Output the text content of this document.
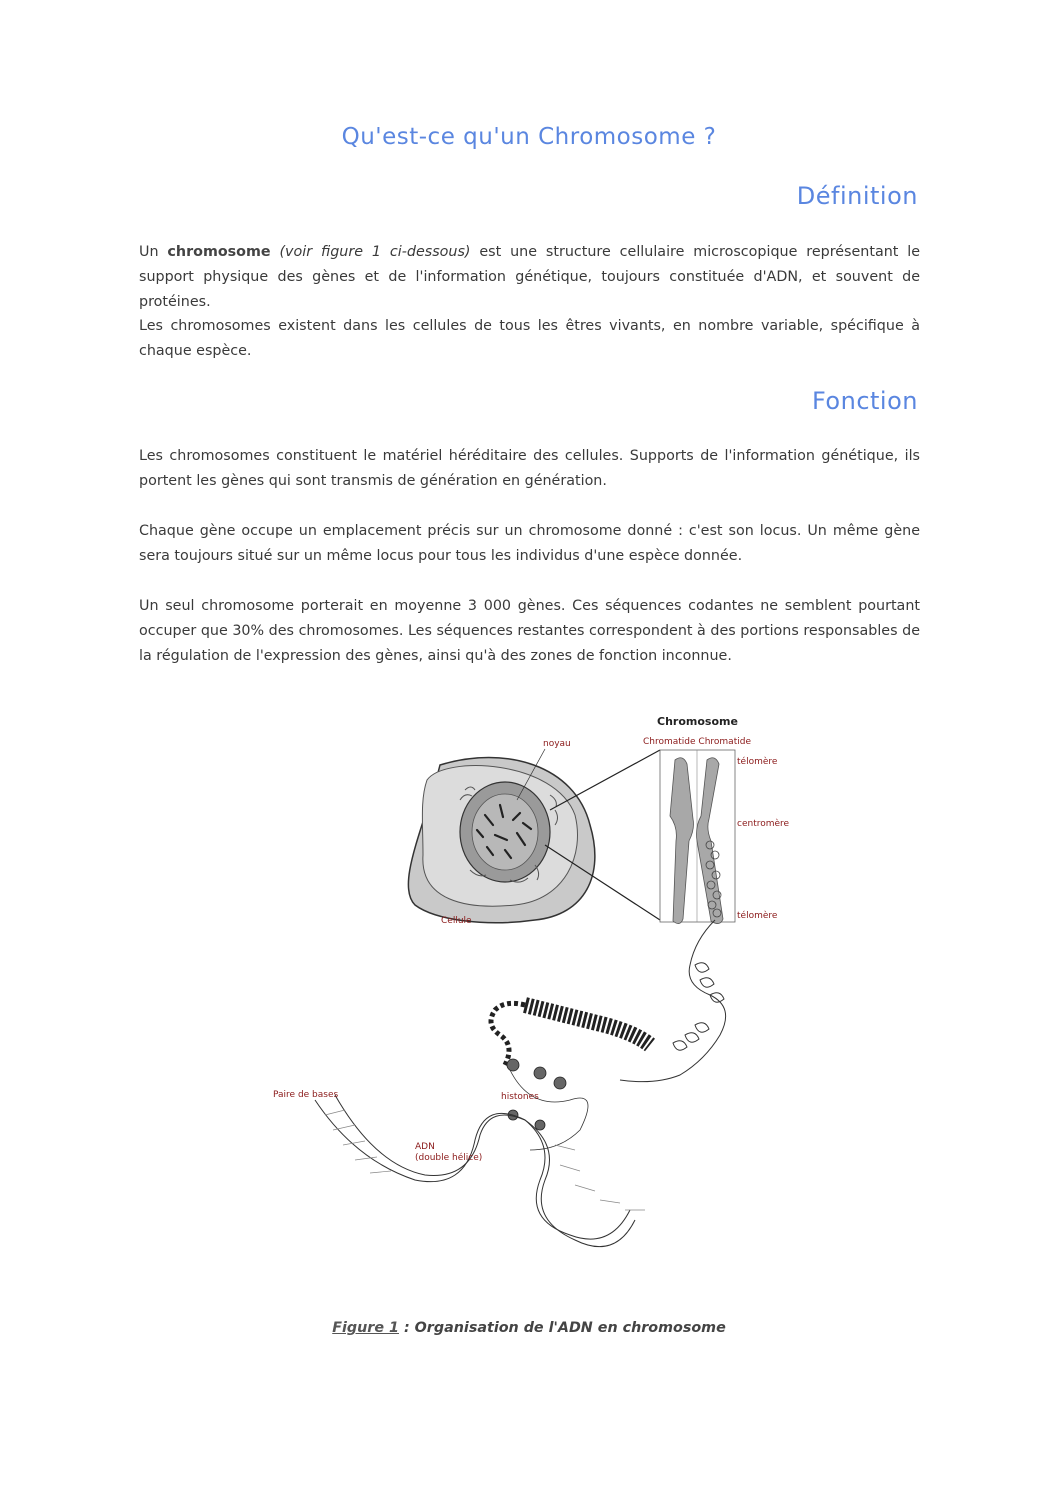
Qu'est-ce qu'un Chromosome ?
Définition

Un chromosome (voir figure 1 ci-dessous) est une structure cellulaire microscopique représentant le support physique des gènes et de l'information génétique, toujours constituée d'ADN, et souvent de protéines.

Les chromosomes existent dans les cellules de tous les êtres vivants, en nombre variable, spécifique à chaque espèce.

Fonction
Les chromosomes constituent le matériel héréditaire des cellules. Supports de l'information génétique, ils portent les gènes qui sont transmis de génération en génération.
Chaque gène occupe un emplacement précis sur un chromosome donné : c'est son locus. Un même gène sera toujours situé sur un même locus pour tous les individus d'une espèce donnée.
Un seul chromosome porterait en moyenne 3 000 gènes. Ces séquences codantes ne semblent pourtant occuper que 30% des chromosomes. Les séquences restantes correspondent à des portions responsables de la régulation de l'expression des gènes, ainsi qu'à des zones de fonction inconnue.
Cellule
noyau
Chromosome
Chromatide Chromatide
télomère
centromère
télomère
histones
Paire de bases
ADN
(double hélice)
Figure 1 : Organisation de l'ADN en chromosome
